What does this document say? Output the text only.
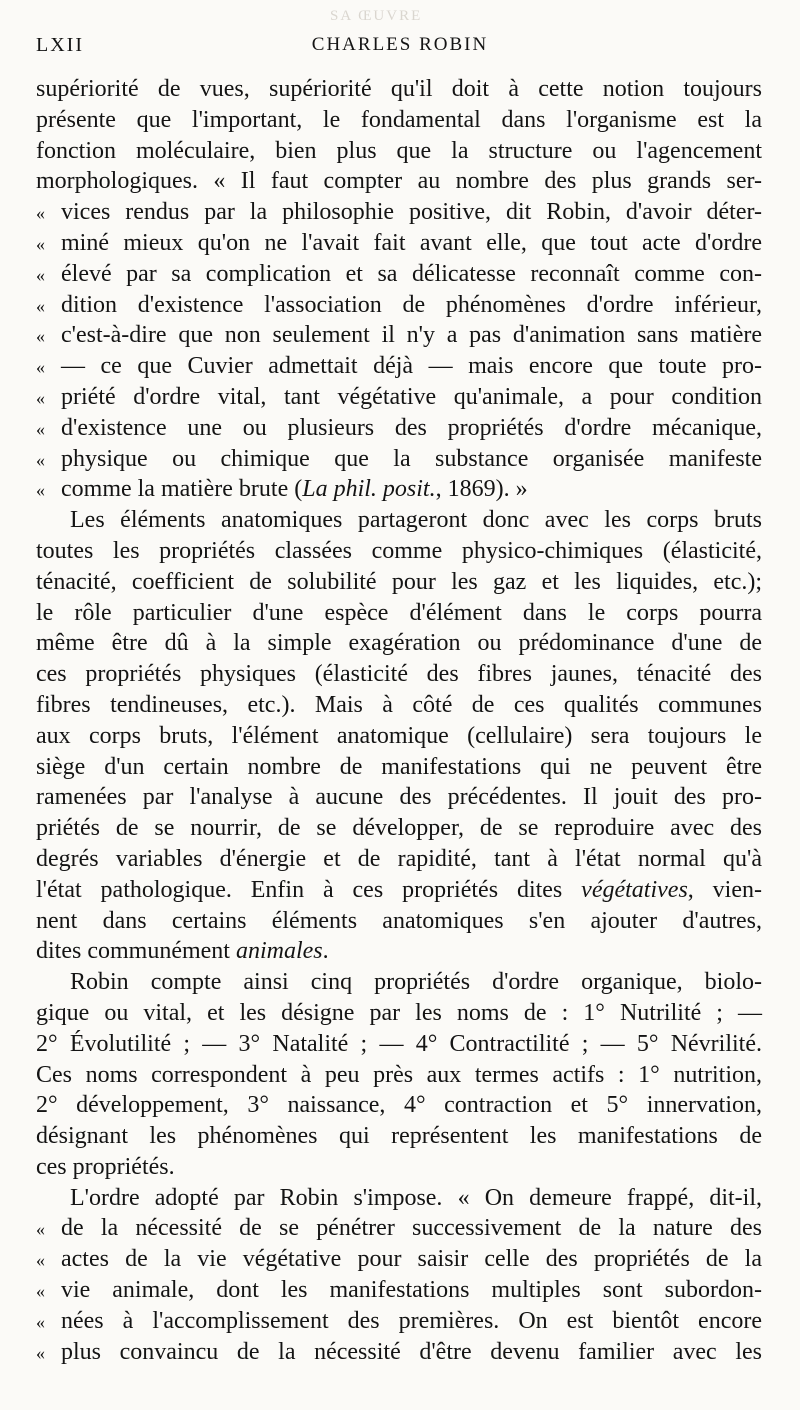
SA ŒUVRE
LXII	CHARLES ROBIN
supériorité de vues, supériorité qu'il doit à cette notion toujours
présente que l'important, le fondamental dans l'organisme est la
fonction moléculaire, bien plus que la structure ou l'agencement
morphologiques. « Il faut compter au nombre des plus grands ser-
« vices rendus par la philosophie positive, dit Robin, d'avoir déter-
« miné mieux qu'on ne l'avait fait avant elle, que tout acte d'ordre
« élevé par sa complication et sa délicatesse reconnaît comme con-
« dition d'existence l'association de phénomènes d'ordre inférieur,
« c'est-à-dire que non seulement il n'y a pas d'animation sans matière
« — ce que Cuvier admettait déjà — mais encore que toute pro-
« priété d'ordre vital, tant végétative qu'animale, a pour condition
« d'existence une ou plusieurs des propriétés d'ordre mécanique,
« physique ou chimique que la substance organisée manifeste
« comme la matière brute (La phil. posit., 1869). »
Les éléments anatomiques partageront donc avec les corps bruts
toutes les propriétés classées comme physico-chimiques (élasticité,
ténacité, coefficient de solubilité pour les gaz et les liquides, etc.);
le rôle particulier d'une espèce d'élément dans le corps pourra
même être dû à la simple exagération ou prédominance d'une de
ces propriétés physiques (élasticité des fibres jaunes, ténacité des
fibres tendineuses, etc.). Mais à côté de ces qualités communes
aux corps bruts, l'élément anatomique (cellulaire) sera toujours le
siège d'un certain nombre de manifestations qui ne peuvent être
ramenées par l'analyse à aucune des précédentes. Il jouit des pro-
priétés de se nourrir, de se développer, de se reproduire avec des
degrés variables d'énergie et de rapidité, tant à l'état normal qu'à
l'état pathologique. Enfin à ces propriétés dites végétatives, vien-
nent dans certains éléments anatomiques s'en ajouter d'autres,
dites communément animales.
Robin compte ainsi cinq propriétés d'ordre organique, biolo-
gique ou vital, et les désigne par les noms de : 1° Nutrilité ; —
2° Évolutilité ; — 3° Natalité ; — 4° Contractilité ; — 5° Névrilité.
Ces noms correspondent à peu près aux termes actifs : 1° nutrition,
2° développement, 3° naissance, 4° contraction et 5° innervation,
désignant les phénomènes qui représentent les manifestations de
ces propriétés.
L'ordre adopté par Robin s'impose. « On demeure frappé, dit-il,
« de la nécessité de se pénétrer successivement de la nature des
« actes de la vie végétative pour saisir celle des propriétés de la
« vie animale, dont les manifestations multiples sont subordon-
« nées à l'accomplissement des premières. On est bientôt encore
« plus convaincu de la nécessité d'être devenu familier avec les
